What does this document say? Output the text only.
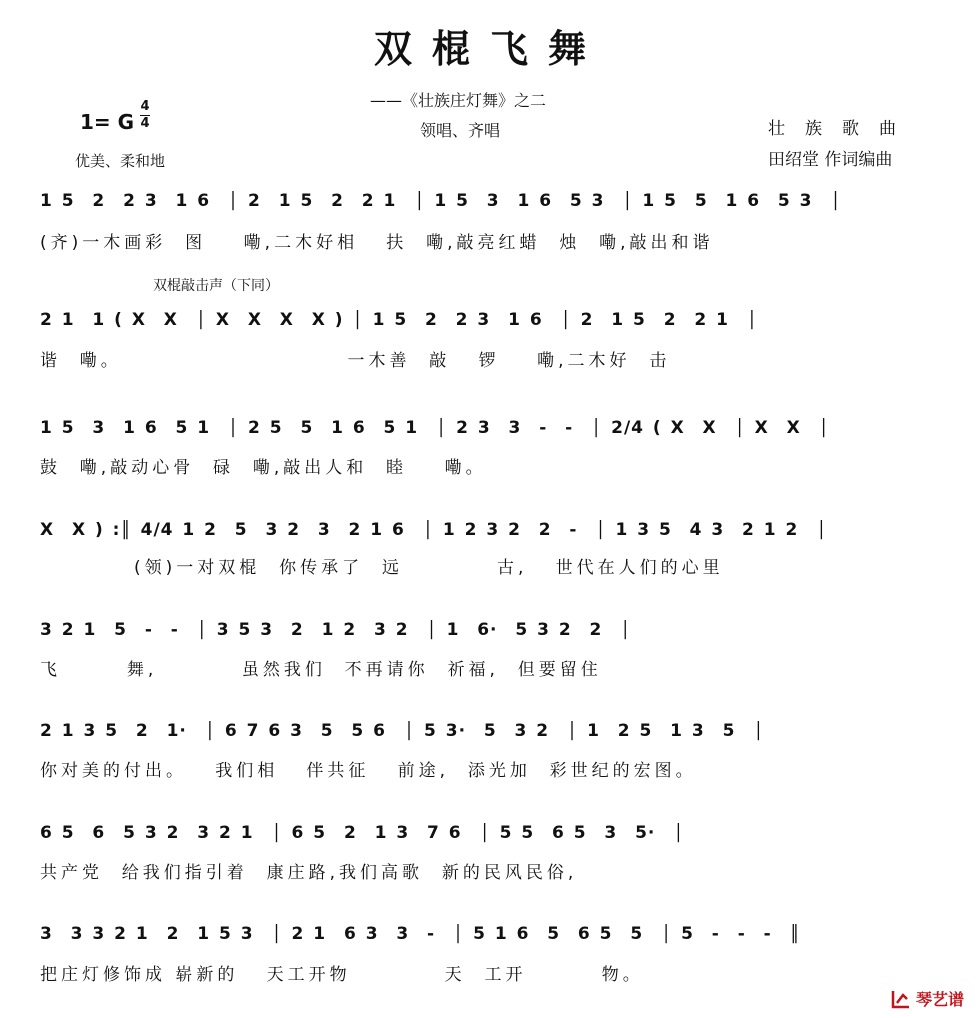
双棍飞舞
——《壮族庄灯舞》之二
领唱、齐唱
1= G
4
4
优美、柔和地
壮族歌曲
田绍堂 作词编曲
双棍敲击声（下同）
1 5  2  2 3  1 6  │ 2  1 5  2  2 1  │ 1 5  3  1 6  5 3  │ 1 5  5  1 6  5 3  │
(齐)一木画彩  图    嘞,二木好相   扶  嘞,敲亮红蜡  烛  嘞,敲出和谐
2 1  1 ( X  X  │ X  X  X  X ) │ 1 5  2  2 3  1 6  │ 2  1 5  2  2 1  │
谐  嘞。                        一木善  敲   锣    嘞,二木好  击
1 5  3  1 6  5 1  │ 2 5  5  1 6  5 1  │ 2 3  3  -  -  │ 2/4 ( X  X  │ X  X  │
鼓  嘞,敲动心骨  碌  嘞,敲出人和  睦    嘞。
X  X ) :║ 4/4 1 2  5  3 2  3  2 1 6  │ 1 2 3 2  2  -  │ 1 3 5  4 3  2 1 2  │
(领)一对双棍  你传承了  远          古,   世代在人们的心里
3 2 1  5  -  -  │ 3 5 3  2  1 2  3 2  │ 1  6·  5 3 2  2  │
飞       舞,         虽然我们  不再请你  祈福,  但要留住
2 1 3 5  2  1·  │ 6 7 6 3  5  5 6  │ 5 3·  5  3 2  │ 1  2 5  1 3  5  │
你对美的付出。   我们相   伴共征   前途,  添光加  彩世纪的宏图。
6 5  6  5 3 2  3 2 1  │ 6 5  2  1 3  7 6  │ 5 5  6 5  3  5·  │
共产党  给我们指引着  康庄路,我们高歌  新的民风民俗,
3  3 3 2 1  2  1 5 3  │ 2 1  6 3  3  -  │ 5 1 6  5  6 5  5  │ 5  -  -  -  ║
把庄灯修饰成 崭新的   天工开物          天  工开        物。
琴艺谱
